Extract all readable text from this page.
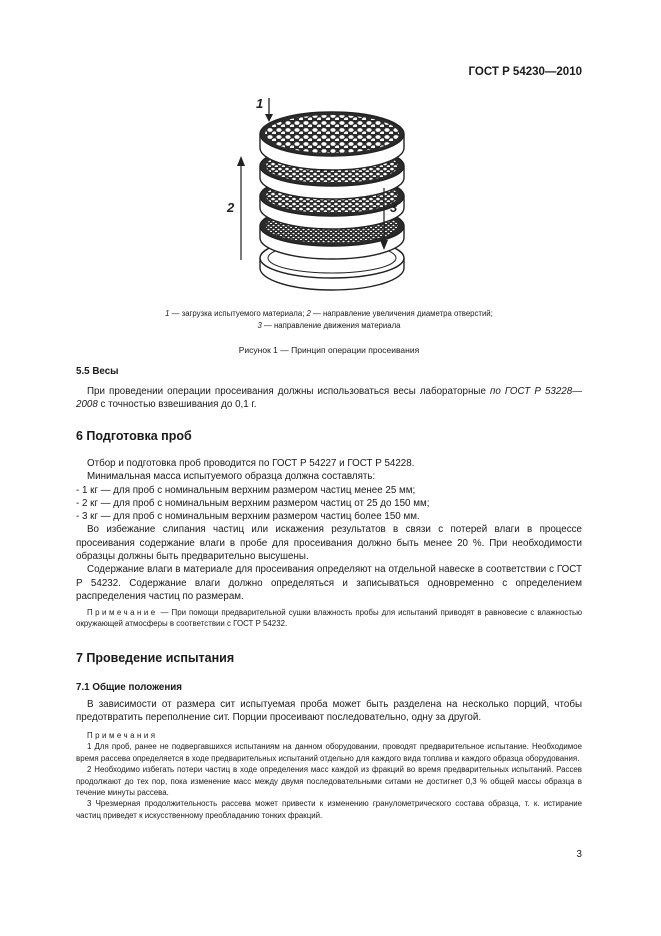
ГОСТ Р 54230—2010
1
2	3
1 — загрузка испытуемого материала; 2 — направление увеличения диаметра отверстий;
3 — направление движения материала
Рисунок 1 — Принцип операции просеивания
5.5 Весы

При проведении операции просеивания должны использоваться весы лабораторные по ГОСТ Р 53228—2008 с точностью взвешивания до 0,1 г.

6 Подготовка проб

Отбор и подготовка проб проводится по ГОСТ Р 54227 и ГОСТ Р 54228.

Минимальная масса испытуемого образца должна составлять:

- 1 кг — для проб с номинальным верхним размером частиц менее 25 мм;

- 2 кг — для проб с номинальным верхним размером частиц от 25 до 150 мм;

- 3 кг — для проб с номинальным верхним размером частиц более 150 мм.

Во избежание слипания частиц или искажения результатов в связи с потерей влаги в процессе просеивания содержание влаги в пробе для просеивания должно быть менее 20 %. При необходимости образцы должны быть предварительно высушены.

Содержание влаги в материале для просеивания определяют на отдельной навеске в соответствии с ГОСТ Р 54232. Содержание влаги должно определяться и записываться одновременно с определением распределения частиц по размерам.

Примечание — При помощи предварительной сушки влажность пробы для испытаний приводят в равновесие с влажностью окружающей атмосферы в соответствии с ГОСТ Р 54232.

7 Проведение испытания
7.1 Общие положения

В зависимости от размера сит испытуемая проба может быть разделена на несколько порций, чтобы предотвратить переполнение сит. Порции просеивают последовательно, одну за другой.

Примечания

1 Для проб, ранее не подвергавшихся испытаниям на данном оборудовании, проводят предварительное испытание. Необходимое время рассева определяется в ходе предварительных испытаний отдельно для каждого вида топлива и каждого образца оборудования.

2 Необходимо избегать потери частиц в ходе определения масс каждой из фракций во время предварительных испытаний. Рассев продолжают до тех пор, пока изменение масс между двумя последовательными ситами не достигнет 0,3 % общей массы образца в течение минуты рассева.

3 Чрезмерная продолжительность рассева может привести к изменению гранулометрического состава образца, т. к. истирание частиц приведет к искусственному преобладанию тонких фракций.

3
